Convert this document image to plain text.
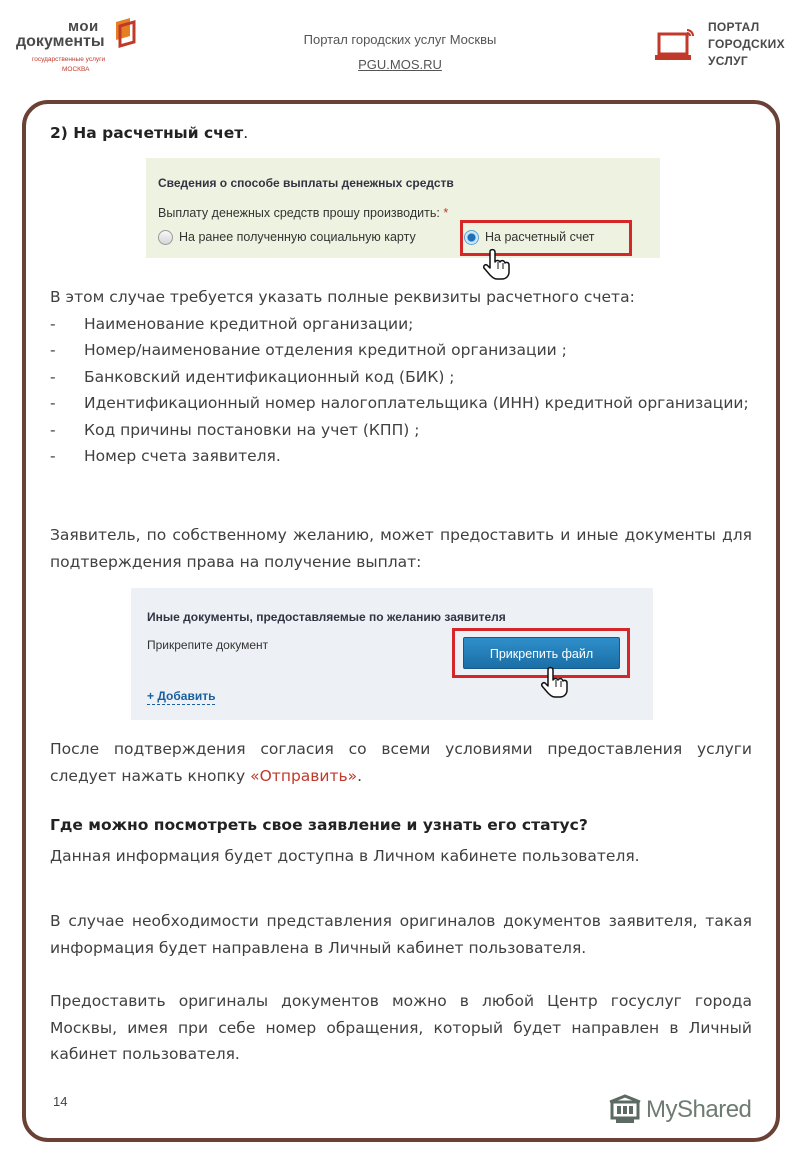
мои
документы
государственные услуги
МОСКВА
Портал городских услуг Москвы
PGU.MOS.RU
ПОРТАЛ
ГОРОДСКИХ
УСЛУГ
2) На расчетный счет.
Сведения о способе выплаты денежных средств
Выплату денежных средств прошу производить: *
На ранее полученную социальную карту	На расчетный счет
В этом случае требуется указать полные реквизиты расчетного счета:
-	Наименование кредитной организации;
-	Номер/наименование отделения кредитной организации ;
-	Банковский идентификационный код (БИК) ;
-	Идентификационный номер налогоплательщика (ИНН) кредитной организации;
-	Код причины постановки на учет (КПП) ;
-	Номер счета заявителя.
Заявитель, по собственному желанию, может предоставить и иные документы для подтверждения права на получение выплат:
Иные документы, предоставляемые по желанию заявителя
Прикрепите документ
+ Добавить
Прикрепить файл
После подтверждения согласия со всеми условиями предоставления услуги следует нажать кнопку «Отправить».
Где можно посмотреть свое заявление и узнать его статус?
Данная информация будет доступна в Личном кабинете пользователя.
В случае необходимости представления оригиналов документов заявителя, такая информация будет направлена в Личный кабинет пользователя.
Предоставить оригиналы документов можно в любой Центр госуслуг города Москвы, имея при себе номер обращения, который будет направлен в Личный кабинет пользователя.
14	MyShared
